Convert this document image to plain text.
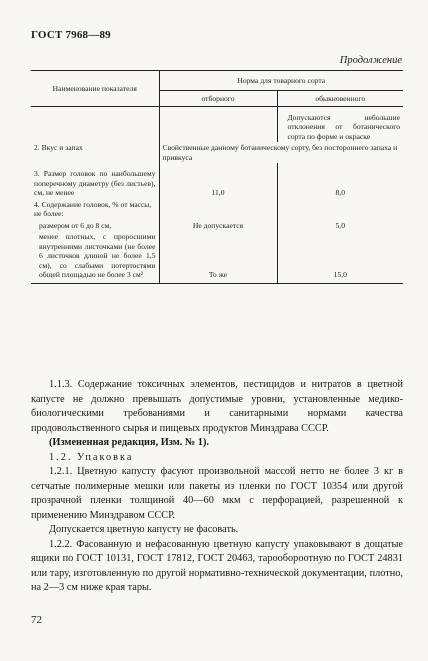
ГОСТ 7968—89
Продолжение
Наименование показателя	Норма для товарного сорта	
	отборного	обыкновенного
		Допускаются небольшие отклонения от ботанического сорта по форме и окраске
2. Вкус и запах	Свойственные данному ботаническому сорту, без постороннего запаха и привкуса	
3. Размер головок по наибольшему поперечному диаметру (без листьев), см, не менее	11,0	8,0
4. Содержание головок, % от массы, не более:		
размером от 6 до 8 см,	Не допускается	5,0
менее плотных, с проросшими внутренними листочками (не более 6 листочков длиной не более 1,5 см), со слабыми потертостями общей площадью не более 3 см²	То же	15,0

1.1.3. Содержание токсичных элементов, пестицидов и нитратов в цветной капусте не должно превышать допустимые уровни, установленные медико-биологическими требованиями и санитарными нормами качества продовольственного сырья и пищевых продуктов Минздрава СССР.

(Измененная редакция, Изм. № 1).

1.2. Упаковка

1.2.1. Цветную капусту фасуют произвольной массой нетто не более 3 кг в сетчатые полимерные мешки или пакеты из пленки по ГОСТ 10354 или другой прозрачной пленки толщиной 40—60 мкм с перфорацией, разрешенной к применению Минздравом СССР.

Допускается цветную капусту не фасовать.

1.2.2. Фасованную и нефасованную цветную капусту упаковывают в дощатые ящики по ГОСТ 10131, ГОСТ 17812, ГОСТ 20463, тарообороотную по ГОСТ 24831 или тару, изготовленную по другой нормативно-технической документации, плотно, на 2—3 см ниже края тары.

72
